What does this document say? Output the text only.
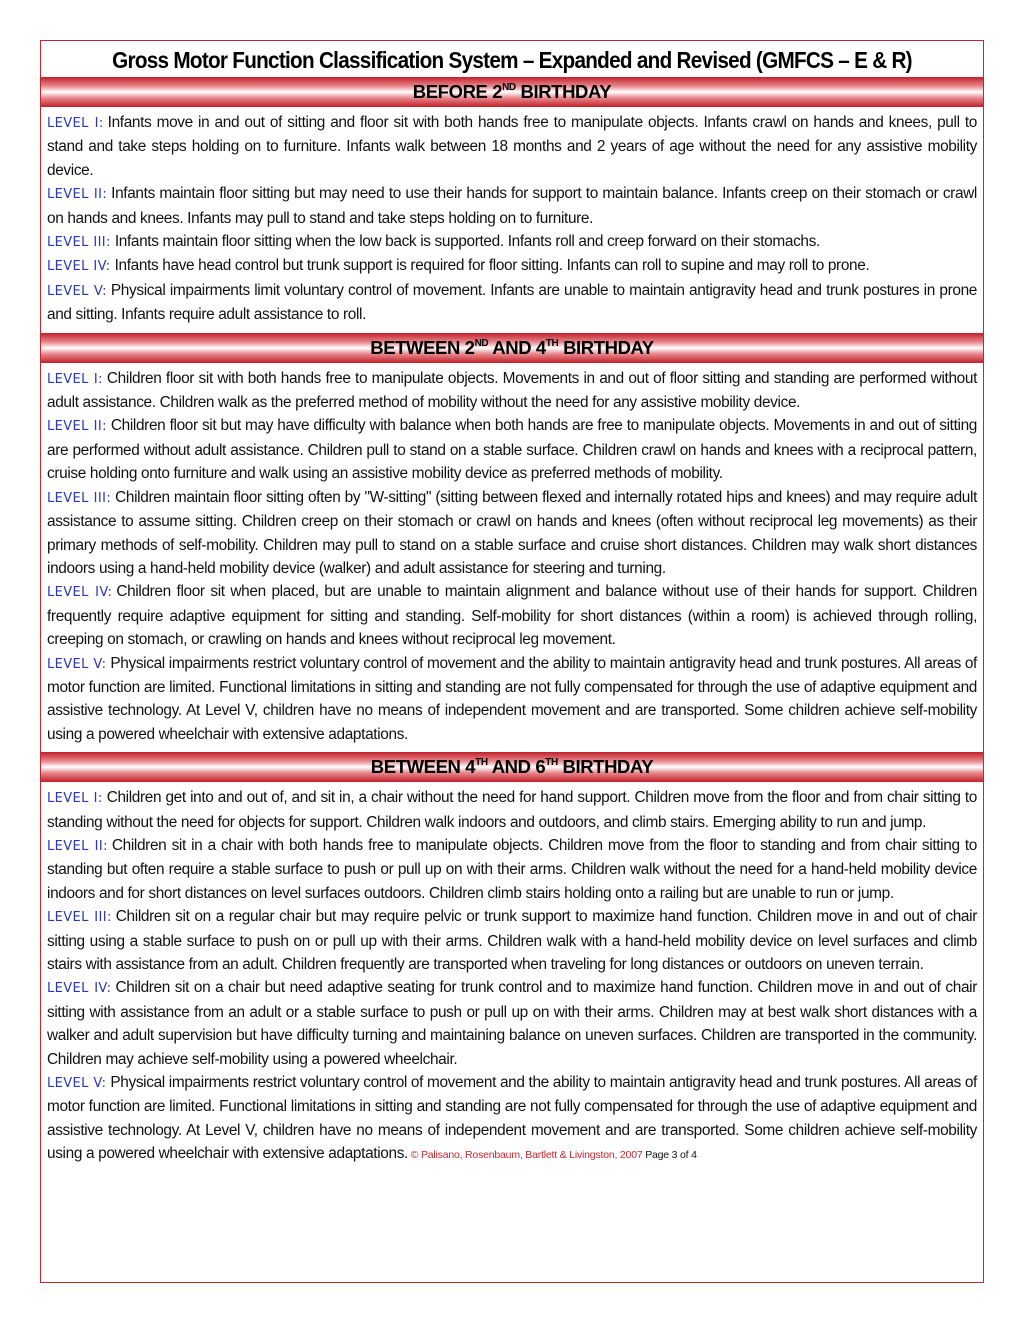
Gross Motor Function Classification System – Expanded and Revised (GMFCS – E & R)
BEFORE 2ND BIRTHDAY

LEVEL I: Infants move in and out of sitting and floor sit with both hands free to manipulate objects. Infants crawl on hands and knees, pull to stand and take steps holding on to furniture. Infants walk between 18 months and 2 years of age without the need for any assistive mobility device.

LEVEL II: Infants maintain floor sitting but may need to use their hands for support to maintain balance. Infants creep on their stomach or crawl on hands and knees. Infants may pull to stand and take steps holding on to furniture.

LEVEL III: Infants maintain floor sitting when the low back is supported. Infants roll and creep forward on their stomachs.

LEVEL IV: Infants have head control but trunk support is required for floor sitting. Infants can roll to supine and may roll to prone.

LEVEL V: Physical impairments limit voluntary control of movement. Infants are unable to maintain antigravity head and trunk postures in prone and sitting. Infants require adult assistance to roll.

BETWEEN 2ND AND 4TH BIRTHDAY

LEVEL I: Children floor sit with both hands free to manipulate objects. Movements in and out of floor sitting and standing are performed without adult assistance. Children walk as the preferred method of mobility without the need for any assistive mobility device.

LEVEL II: Children floor sit but may have difficulty with balance when both hands are free to manipulate objects. Movements in and out of sitting are performed without adult assistance. Children pull to stand on a stable surface. Children crawl on hands and knees with a reciprocal pattern, cruise holding onto furniture and walk using an assistive mobility device as preferred methods of mobility.

LEVEL III: Children maintain floor sitting often by "W-sitting" (sitting between flexed and internally rotated hips and knees) and may require adult assistance to assume sitting. Children creep on their stomach or crawl on hands and knees (often without reciprocal leg movements) as their primary methods of self-mobility. Children may pull to stand on a stable surface and cruise short distances. Children may walk short distances indoors using a hand-held mobility device (walker) and adult assistance for steering and turning.

LEVEL IV: Children floor sit when placed, but are unable to maintain alignment and balance without use of their hands for support. Children frequently require adaptive equipment for sitting and standing. Self-mobility for short distances (within a room) is achieved through rolling, creeping on stomach, or crawling on hands and knees without reciprocal leg movement.

LEVEL V: Physical impairments restrict voluntary control of movement and the ability to maintain antigravity head and trunk postures. All areas of motor function are limited. Functional limitations in sitting and standing are not fully compensated for through the use of adaptive equipment and assistive technology. At Level V, children have no means of independent movement and are transported. Some children achieve self-mobility using a powered wheelchair with extensive adaptations.

BETWEEN 4TH AND 6TH BIRTHDAY

LEVEL I: Children get into and out of, and sit in, a chair without the need for hand support. Children move from the floor and from chair sitting to standing without the need for objects for support. Children walk indoors and outdoors, and climb stairs. Emerging ability to run and jump.

LEVEL II: Children sit in a chair with both hands free to manipulate objects. Children move from the floor to standing and from chair sitting to standing but often require a stable surface to push or pull up on with their arms. Children walk without the need for a hand-held mobility device indoors and for short distances on level surfaces outdoors. Children climb stairs holding onto a railing but are unable to run or jump.

LEVEL III: Children sit on a regular chair but may require pelvic or trunk support to maximize hand function. Children move in and out of chair sitting using a stable surface to push on or pull up with their arms. Children walk with a hand-held mobility device on level surfaces and climb stairs with assistance from an adult. Children frequently are transported when traveling for long distances or outdoors on uneven terrain.

LEVEL IV: Children sit on a chair but need adaptive seating for trunk control and to maximize hand function. Children move in and out of chair sitting with assistance from an adult or a stable surface to push or pull up on with their arms. Children may at best walk short distances with a walker and adult supervision but have difficulty turning and maintaining balance on uneven surfaces. Children are transported in the community. Children may achieve self-mobility using a powered wheelchair.

LEVEL V: Physical impairments restrict voluntary control of movement and the ability to maintain antigravity head and trunk postures. All areas of motor function are limited. Functional limitations in sitting and standing are not fully compensated for through the use of adaptive equipment and assistive technology. At Level V, children have no means of independent movement and are transported. Some children achieve self-mobility using a powered wheelchair with extensive adaptations. © Palisano, Rosenbaum, Bartlett & Livingston, 2007 Page 3 of 4
